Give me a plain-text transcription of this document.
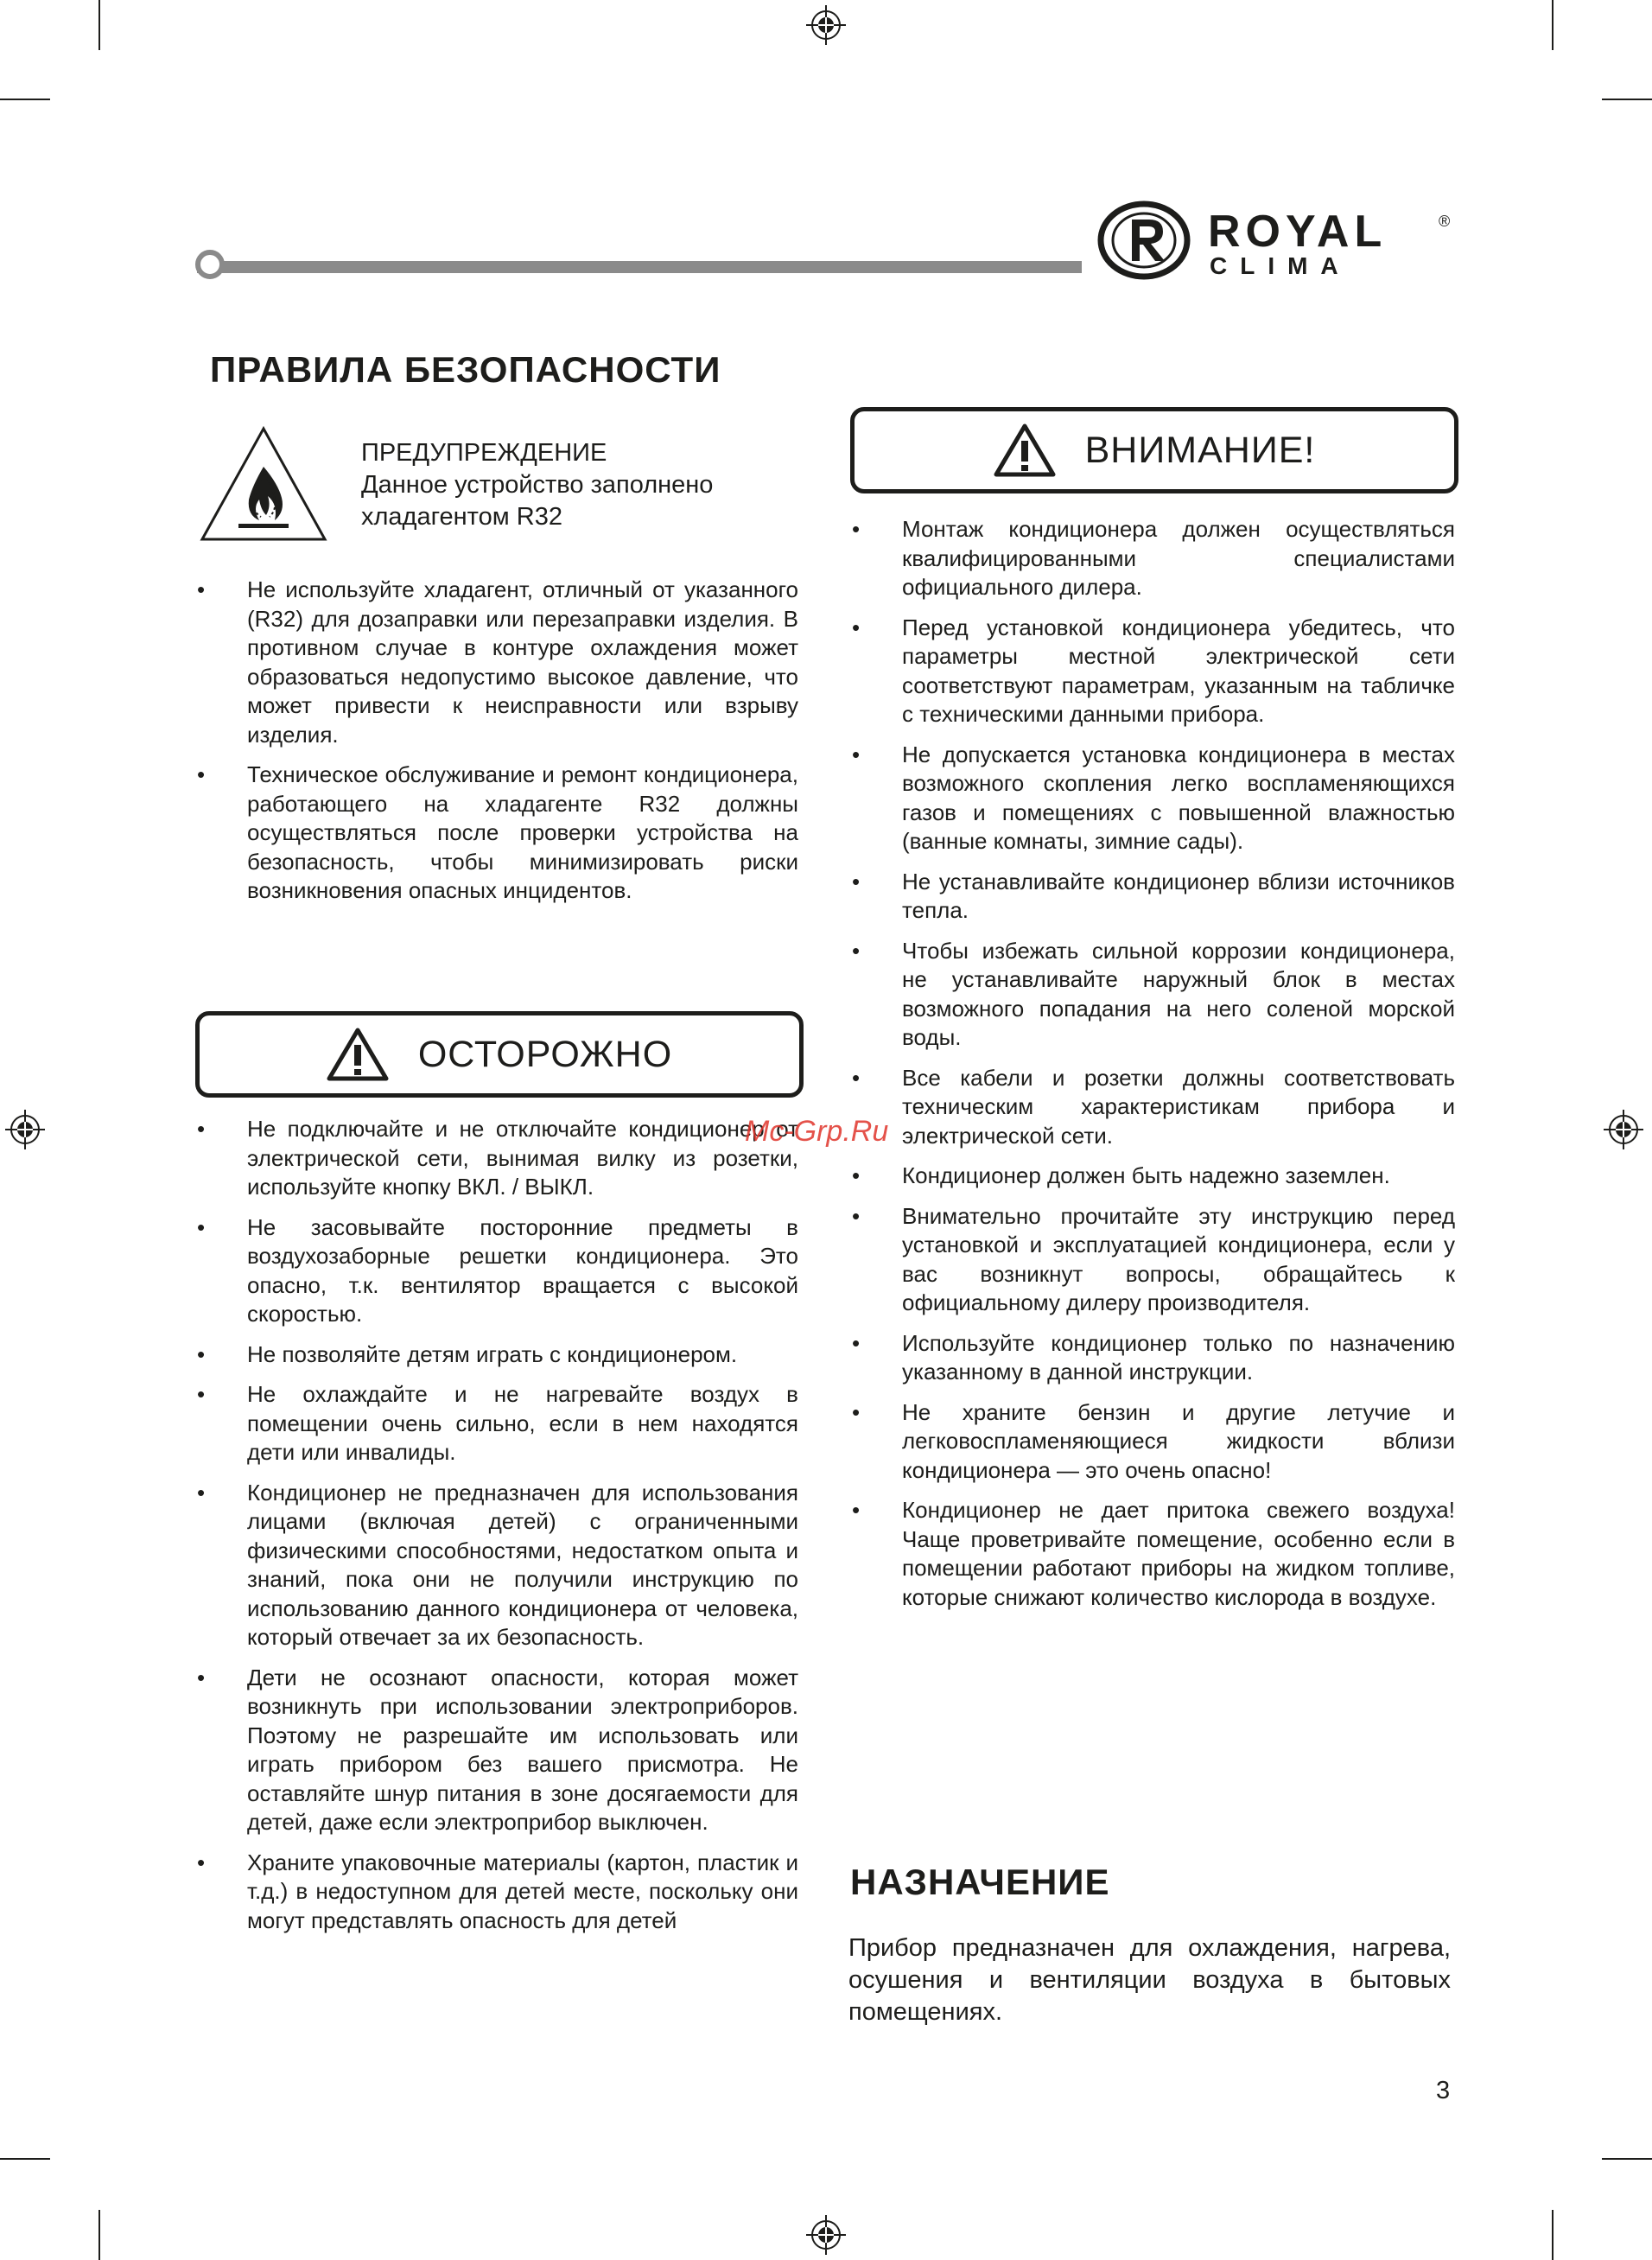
ROYAL	®
CLIMA
ПРАВИЛА БЕЗОПАСНОСТИ
ПРЕДУПРЕЖДЕНИЕ
Данное устройство заполнено
хладагентом R32
• Не используйте хладагент, отличный от указанного (R32) для дозаправки или перезаправки изделия. В противном случае в контуре охлаждения может образоваться недопустимо высокое давление, что может привести к неисправности или взрыву изделия.
• Техническое обслуживание и ремонт кондиционера, работающего на хладагенте R32 должны осуществляться после проверки устройства на безопасность, чтобы минимизировать риски возникновения опасных инцидентов.
ОСТОРОЖНО
• Не подключайте и не отключайте кондиционер от электрической сети, вынимая вилку из розетки, используйте кнопку ВКЛ. / ВЫКЛ.
• Не засовывайте посторонние предметы в воздухозаборные решетки кондиционера. Это опасно, т.к. вентилятор вращается с высокой скоростью.
• Не позволяйте детям играть с кондиционером.
• Не охлаждайте и не нагревайте воздух в помещении очень сильно, если в нем находятся дети или инвалиды.
• Кондиционер не предназначен для использования лицами (включая детей) с ограниченными физическими способностями, недостатком опыта и знаний, пока они не получили инструкцию по использованию данного кондиционера от человека, который отвечает за их безопасность.
• Дети не осознают опасности, которая может возникнуть при использовании электроприборов. Поэтому не разрешайте им использовать или играть прибором без вашего присмотра. Не оставляйте шнур питания в зоне досягаемости для детей, даже если электроприбор выключен.
• Храните упаковочные материалы (картон, пластик и т.д.) в недоступном для детей месте, поскольку они могут представлять опасность для детей
ВНИМАНИЕ!
• Монтаж кондиционера должен осуществляться квалифицированными специалистами официального дилера.
• Перед установкой кондиционера убедитесь, что параметры местной электрической сети соответствуют параметрам, указанным на табличке с техническими данными прибора.
• Не допускается установка кондиционера в местах возможного скопления легко воспламеняющихся газов и помещениях с повышенной влажностью (ванные комнаты, зимние сады).
• Не устанавливайте кондиционер вблизи источников тепла.
• Чтобы избежать сильной коррозии кондиционера, не устанавливайте наружный блок в местах возможного попадания на него соленой морской воды.
• Все кабели и розетки должны соответствовать техническим характеристикам прибора и электрической сети.
• Кондиционер должен быть надежно заземлен.
• Внимательно прочитайте эту инструкцию перед установкой и эксплуатацией кондиционера, если у вас возникнут вопросы, обращайтесь к официальному дилеру производителя.
• Используйте кондиционер только по назначению указанному в данной инструкции.
• Не храните бензин и другие летучие и легковоспламеняющиеся жидкости вблизи кондиционера — это очень опасно!
• Кондиционер не дает притока свежего воздуха! Чаще проветривайте помещение, особенно если в помещении работают приборы на жидком топливе, которые снижают количество кислорода в воздухе.
НАЗНАЧЕНИЕ
Прибор предназначен для охлаждения, нагрева, осушения и вентиляции воздуха в бытовых помещениях.
Mc-Grp.Ru
3
